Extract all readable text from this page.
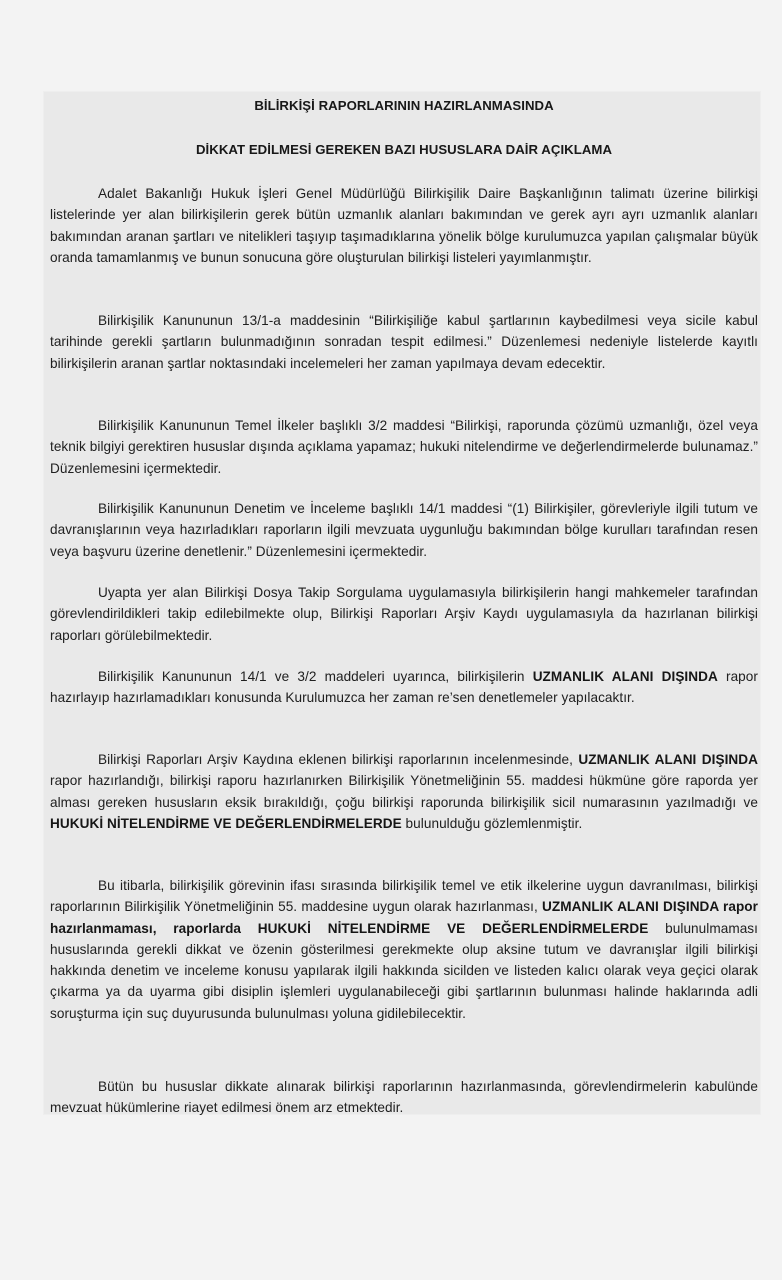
BİLİRKİŞİ RAPORLARININ HAZIRLANMASINDA
DİKKAT EDİLMESİ GEREKEN BAZI HUSUSLARA DAİR AÇIKLAMA

Adalet Bakanlığı Hukuk İşleri Genel Müdürlüğü Bilirkişilik Daire Başkanlığının talimatı üzerine bilirkişi listelerinde yer alan bilirkişilerin gerek bütün uzmanlık alanları bakımından ve gerek ayrı ayrı uzmanlık alanları bakımından aranan şartları ve nitelikleri taşıyıp taşımadıklarına yönelik bölge kurulumuzca yapılan çalışmalar büyük oranda tamamlanmış ve bunun sonucuna göre oluşturulan bilirkişi listeleri yayımlanmıştır.

Bilirkişilik Kanununun 13/1-a maddesinin “Bilirkişiliğe kabul şartlarının kaybedilmesi veya sicile kabul tarihinde gerekli şartların bulunmadığının sonradan tespit edilmesi.” Düzenlemesi nedeniyle listelerde kayıtlı bilirkişilerin aranan şartlar noktasındaki incelemeleri her zaman yapılmaya devam edecektir.

Bilirkişilik Kanununun Temel İlkeler başlıklı 3/2 maddesi “Bilirkişi, raporunda çözümü uzmanlığı, özel veya teknik bilgiyi gerektiren hususlar dışında açıklama yapamaz; hukuki nitelendirme ve değerlendirmelerde bulunamaz.” Düzenlemesini içermektedir.

Bilirkişilik Kanununun Denetim ve İnceleme başlıklı 14/1 maddesi “(1) Bilirkişiler, görevleriyle ilgili tutum ve davranışlarının veya hazırladıkları raporların ilgili mevzuata uygunluğu bakımından bölge kurulları tarafından resen veya başvuru üzerine denetlenir.” Düzenlemesini içermektedir.

Uyapta yer alan Bilirkişi Dosya Takip Sorgulama uygulamasıyla bilirkişilerin hangi mahkemeler tarafından görevlendirildikleri takip edilebilmekte olup, Bilirkişi Raporları Arşiv Kaydı uygulamasıyla da hazırlanan bilirkişi raporları görülebilmektedir.

Bilirkişilik Kanununun 14/1 ve 3/2 maddeleri uyarınca, bilirkişilerin UZMANLIK ALANI DIŞINDA rapor hazırlayıp hazırlamadıkları konusunda Kurulumuzca her zaman re’sen denetlemeler yapılacaktır.

Bilirkişi Raporları Arşiv Kaydına eklenen bilirkişi raporlarının incelenmesinde, UZMANLIK ALANI DIŞINDA rapor hazırlandığı, bilirkişi raporu hazırlanırken Bilirkişilik Yönetmeliğinin 55. maddesi hükmüne göre raporda yer alması gereken hususların eksik bırakıldığı, çoğu bilirkişi raporunda bilirkişilik sicil numarasının yazılmadığı ve HUKUKİ NİTELENDİRME VE DEĞERLENDİRMELERDE bulunulduğu gözlemlenmiştir.

Bu itibarla, bilirkişilik görevinin ifası sırasında bilirkişilik temel ve etik ilkelerine uygun davranılması, bilirkişi raporlarının Bilirkişilik Yönetmeliğinin 55. maddesine uygun olarak hazırlanması, UZMANLIK ALANI DIŞINDA rapor hazırlanmaması, raporlarda HUKUKİ NİTELENDİRME VE DEĞERLENDİRMELERDE bulunulmaması hususlarında gerekli dikkat ve özenin gösterilmesi gerekmekte olup aksine tutum ve davranışlar ilgili bilirkişi hakkında denetim ve inceleme konusu yapılarak ilgili hakkında sicilden ve listeden kalıcı olarak veya geçici olarak çıkarma ya da uyarma gibi disiplin işlemleri uygulanabileceği gibi şartlarının bulunması halinde haklarında adli soruşturma için suç duyurusunda bulunulması yoluna gidilebilecektir.

Bütün bu hususlar dikkate alınarak bilirkişi raporlarının hazırlanmasında, görevlendirmelerin kabulünde mevzuat hükümlerine riayet edilmesi önem arz etmektedir.
